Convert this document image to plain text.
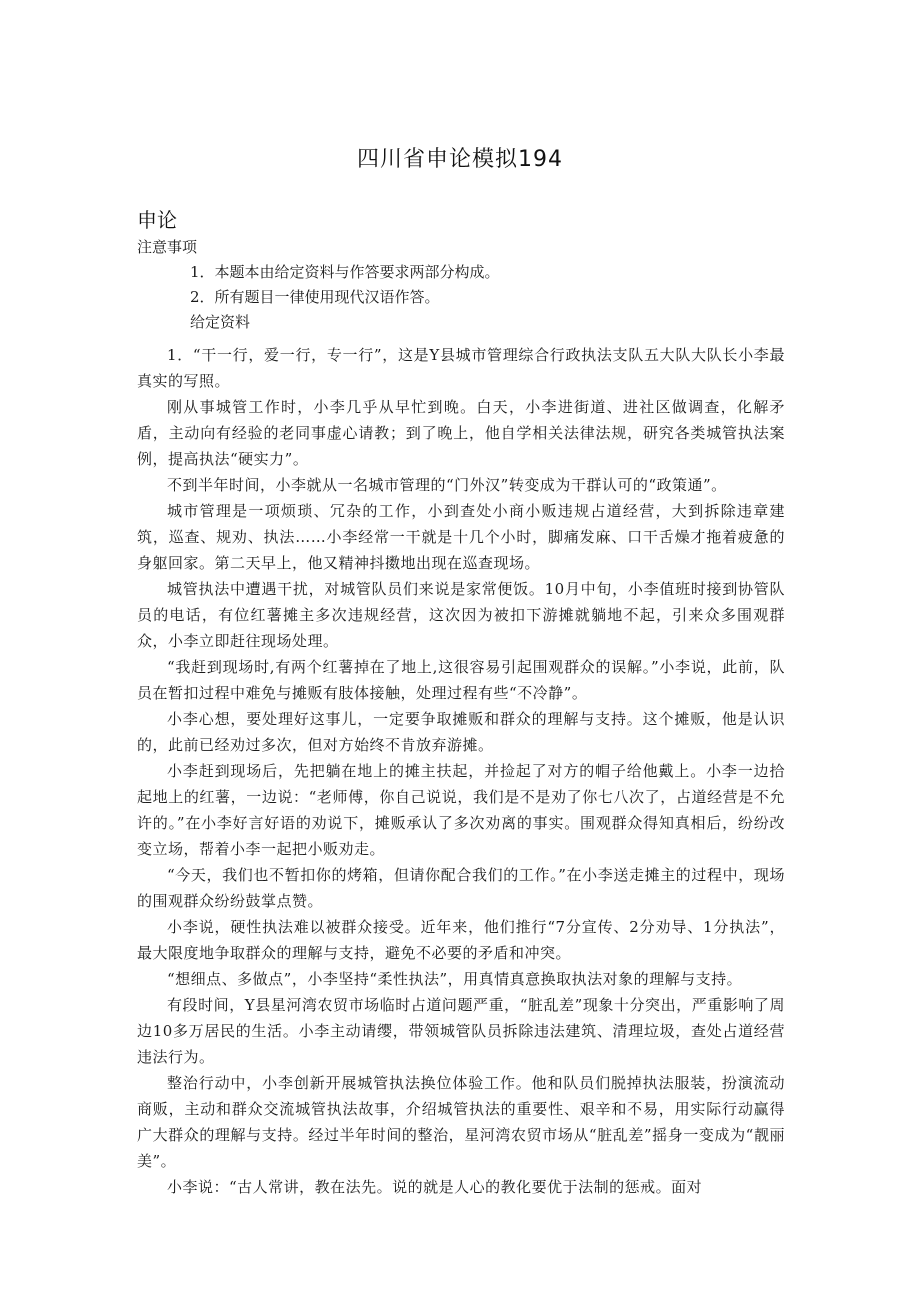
四川省申论模拟194
申论
注意事项
1．本题本由给定资料与作答要求两部分构成。
2．所有题目一律使用现代汉语作答。
给定资料

1．“干一行，爱一行，专一行”，这是Y县城市管理综合行政执法支队五大队大队长小李最真实的写照。

刚从事城管工作时，小李几乎从早忙到晚。白天，小李进街道、进社区做调查，化解矛盾，主动向有经验的老同事虚心请教；到了晚上，他自学相关法律法规，研究各类城管执法案例，提高执法“硬实力”。

不到半年时间，小李就从一名城市管理的“门外汉”转变成为干群认可的“政策通”。

城市管理是一项烦琐、冗杂的工作，小到查处小商小贩违规占道经营，大到拆除违章建筑，巡查、规劝、执法……小李经常一干就是十几个小时，脚痛发麻、口干舌燥才拖着疲惫的身躯回家。第二天早上，他又精神抖擞地出现在巡查现场。

城管执法中遭遇干扰，对城管队员们来说是家常便饭。10月中旬，小李值班时接到协管队员的电话，有位红薯摊主多次违规经营，这次因为被扣下游摊就躺地不起，引来众多围观群众，小李立即赶往现场处理。

“我赶到现场时,有两个红薯掉在了地上,这很容易引起围观群众的误解。”小李说，此前，队员在暂扣过程中难免与摊贩有肢体接触，处理过程有些“不冷静”。

小李心想，要处理好这事儿，一定要争取摊贩和群众的理解与支持。这个摊贩，他是认识的，此前已经劝过多次，但对方始终不肯放弃游摊。

小李赶到现场后，先把躺在地上的摊主扶起，并捡起了对方的帽子给他戴上。小李一边拾起地上的红薯，一边说：“老师傅，你自己说说，我们是不是劝了你七八次了，占道经营是不允许的。”在小李好言好语的劝说下，摊贩承认了多次劝离的事实。围观群众得知真相后，纷纷改变立场，帮着小李一起把小贩劝走。

“今天，我们也不暂扣你的烤箱，但请你配合我们的工作。”在小李送走摊主的过程中，现场的围观群众纷纷鼓掌点赞。

小李说，硬性执法难以被群众接受。近年来，他们推行“7分宣传、2分劝导、1分执法”，最大限度地争取群众的理解与支持，避免不必要的矛盾和冲突。

“想细点、多做点”，小李坚持“柔性执法”，用真情真意换取执法对象的理解与支持。

有段时间，Y县星河湾农贸市场临时占道问题严重，“脏乱差”现象十分突出，严重影响了周边10多万居民的生活。小李主动请缨，带领城管队员拆除违法建筑、清理垃圾，查处占道经营违法行为。

整治行动中，小李创新开展城管执法换位体验工作。他和队员们脱掉执法服装，扮演流动商贩，主动和群众交流城管执法故事，介绍城管执法的重要性、艰辛和不易，用实际行动赢得广大群众的理解与支持。经过半年时间的整治，星河湾农贸市场从“脏乱差”摇身一变成为“靓丽美”。

小李说：“古人常讲，教在法先。说的就是人心的教化要优于法制的惩戒。面对
